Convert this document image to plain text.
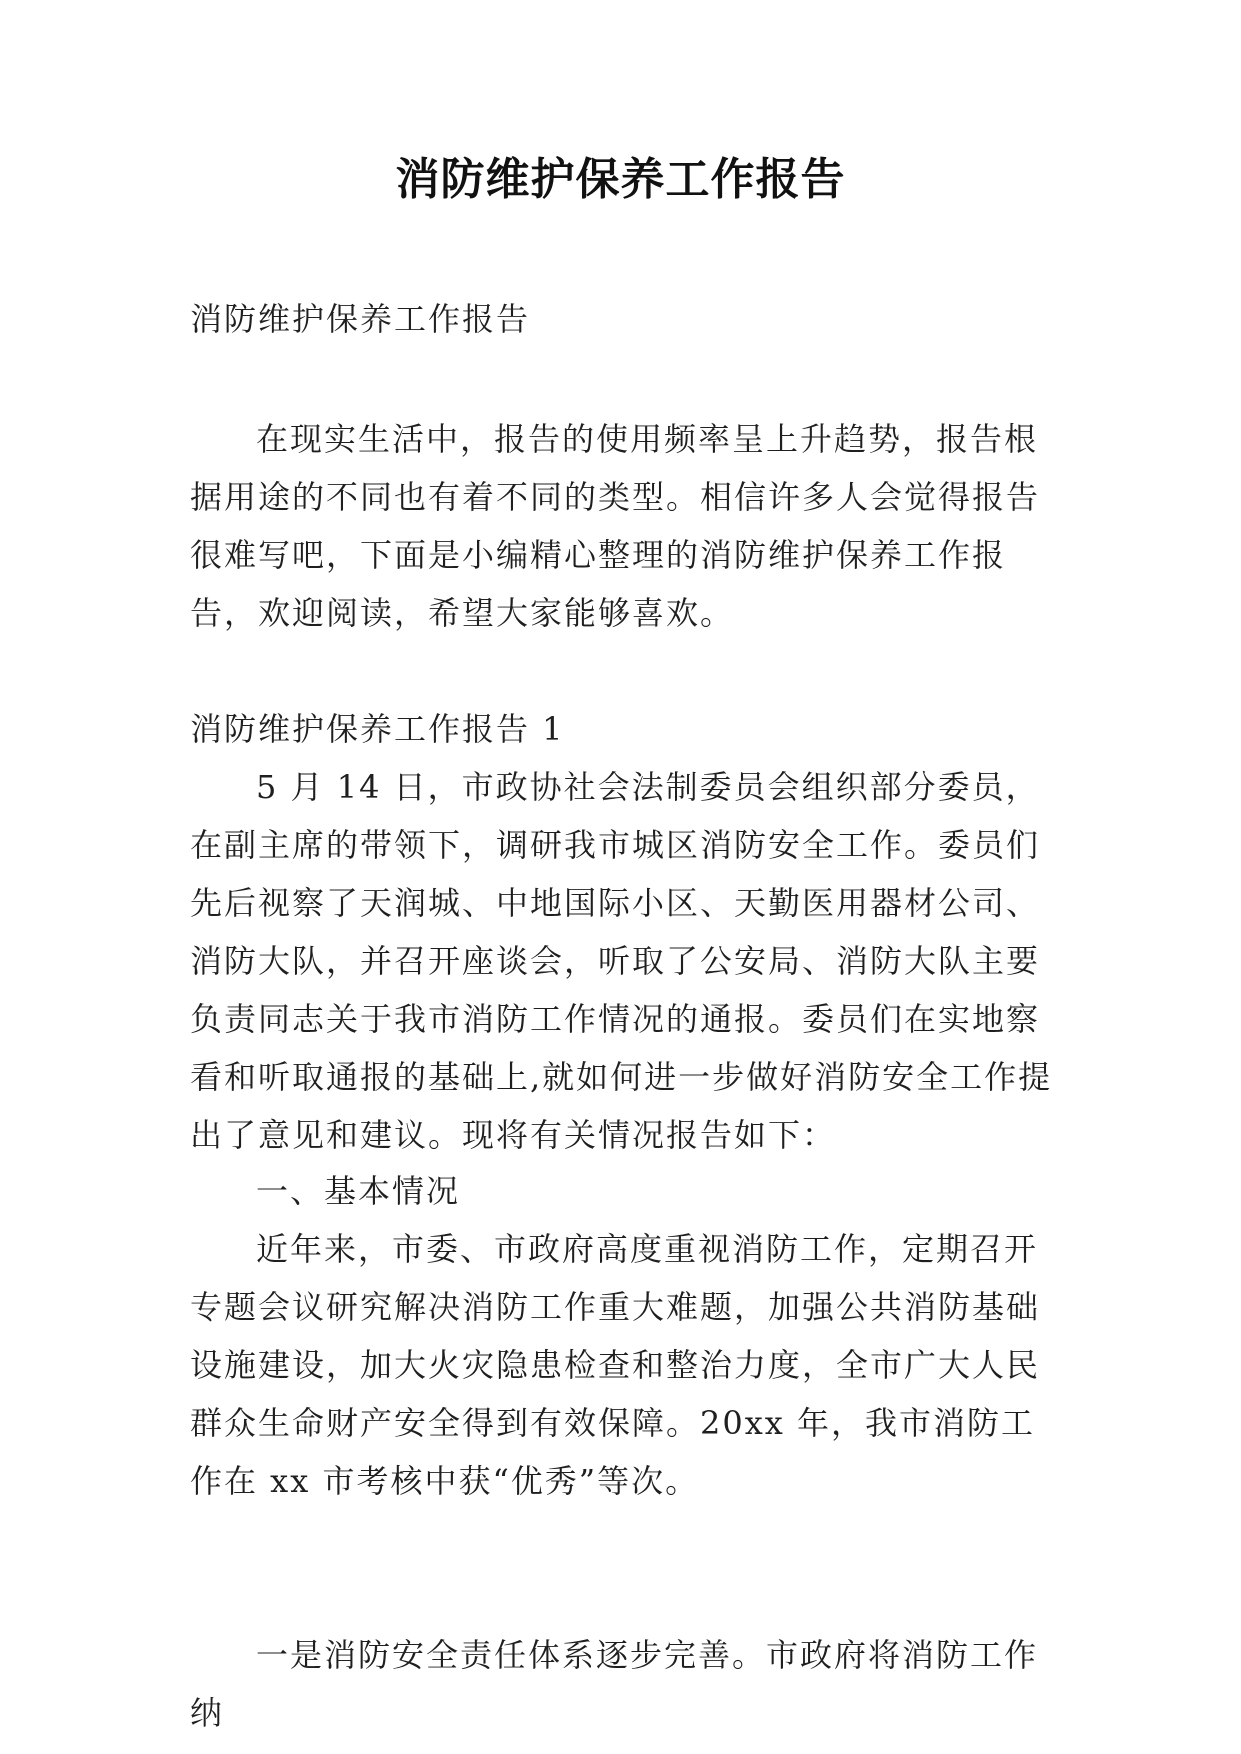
消防维护保养工作报告

消防维护保养工作报告

在现实生活中，报告的使用频率呈上升趋势，报告根据用途的不同也有着不同的类型。相信许多人会觉得报告很难写吧，下面是小编精心整理的消防维护保养工作报告，欢迎阅读，希望大家能够喜欢。

消防维护保养工作报告 1

5 月 14 日，市政协社会法制委员会组织部分委员，在副主席的带领下，调研我市城区消防安全工作。委员们先后视察了天润城、中地国际小区、天勤医用器材公司、消防大队，并召开座谈会，听取了公安局、消防大队主要负责同志关于我市消防工作情况的通报。委员们在实地察看和听取通报的基础上,就如何进一步做好消防安全工作提出了意见和建议。现将有关情况报告如下：

一、基本情况

近年来，市委、市政府高度重视消防工作，定期召开专题会议研究解决消防工作重大难题，加强公共消防基础设施建设，加大火灾隐患检查和整治力度，全市广大人民群众生命财产安全得到有效保障。20xx 年，我市消防工作在 xx 市考核中获“优秀”等次。

一是消防安全责任体系逐步完善。市政府将消防工作纳
